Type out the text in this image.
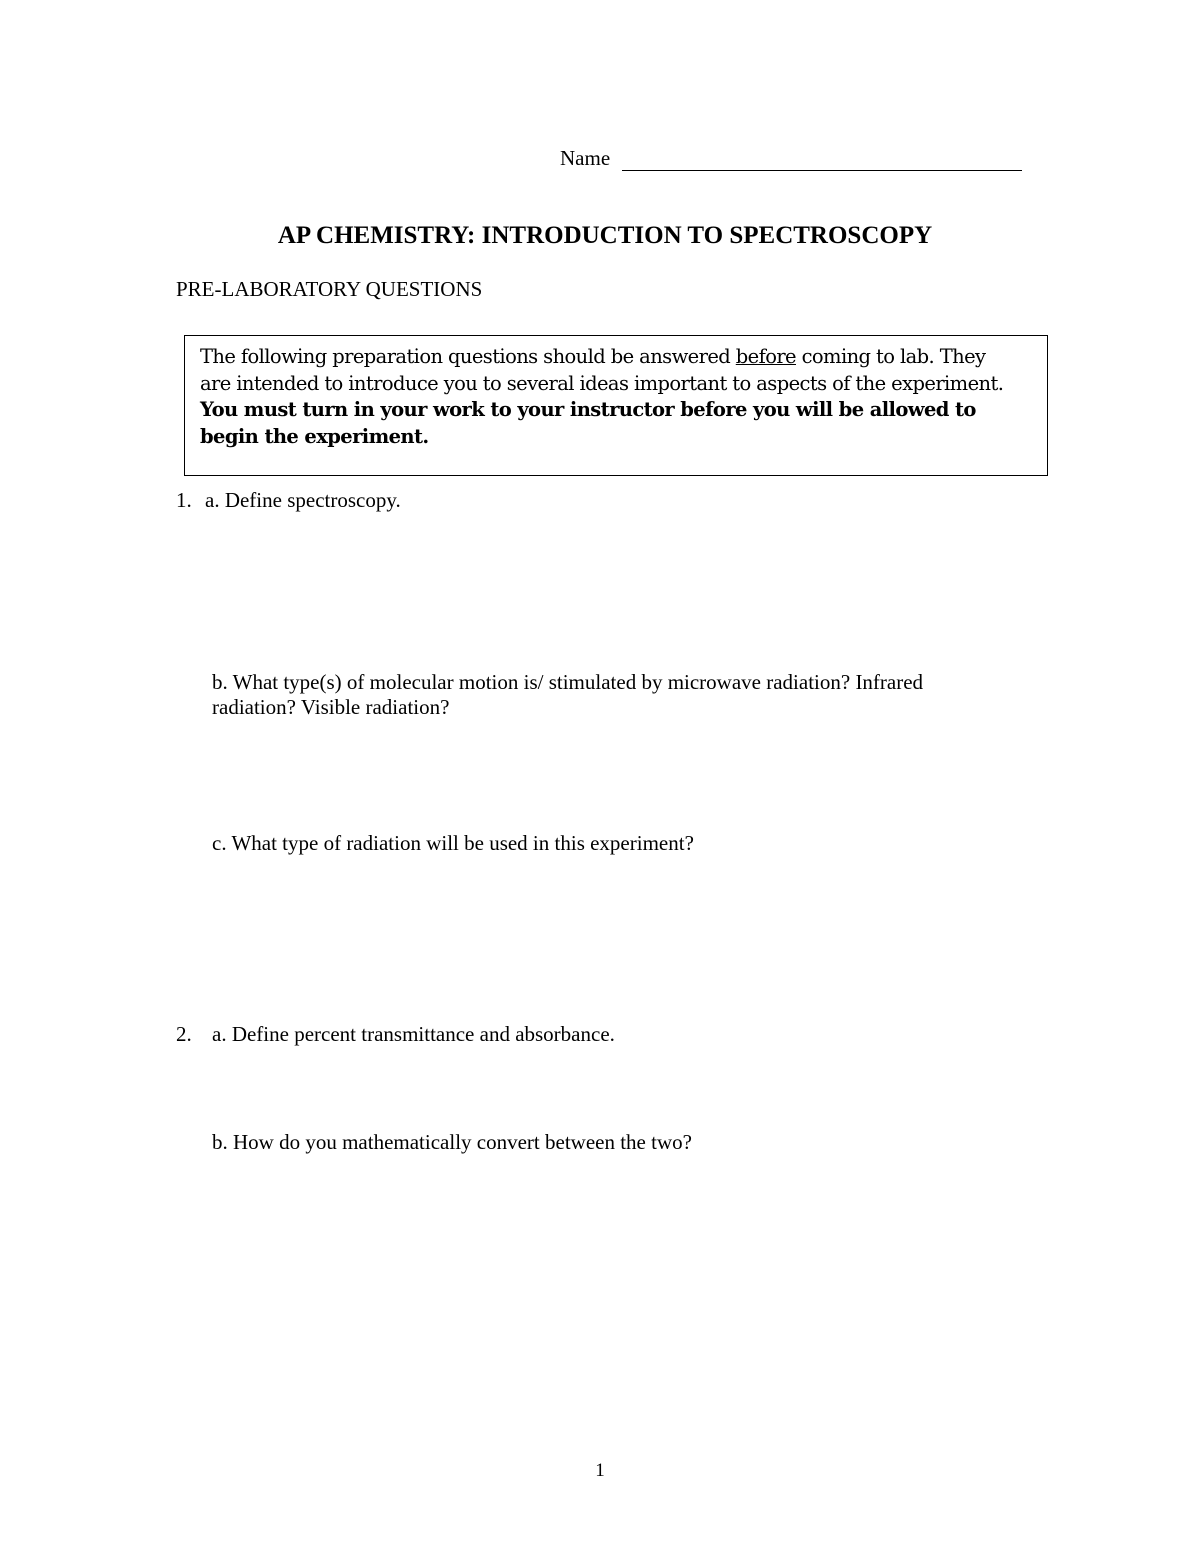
Name
AP CHEMISTRY: INTRODUCTION TO SPECTROSCOPY
PRE-LABORATORY QUESTIONS
The following preparation questions should be answered before coming to lab. They
are intended to introduce you to several ideas important to aspects of the experiment.
You must turn in your work to your instructor before you will be allowed to begin the experiment.
1. a. Define spectroscopy.
b. What type(s) of molecular motion is/ stimulated by microwave radiation? Infrared
radiation? Visible radiation?
c. What type of radiation will be used in this experiment?
2. a. Define percent transmittance and absorbance.
b. How do you mathematically convert between the two?
1
